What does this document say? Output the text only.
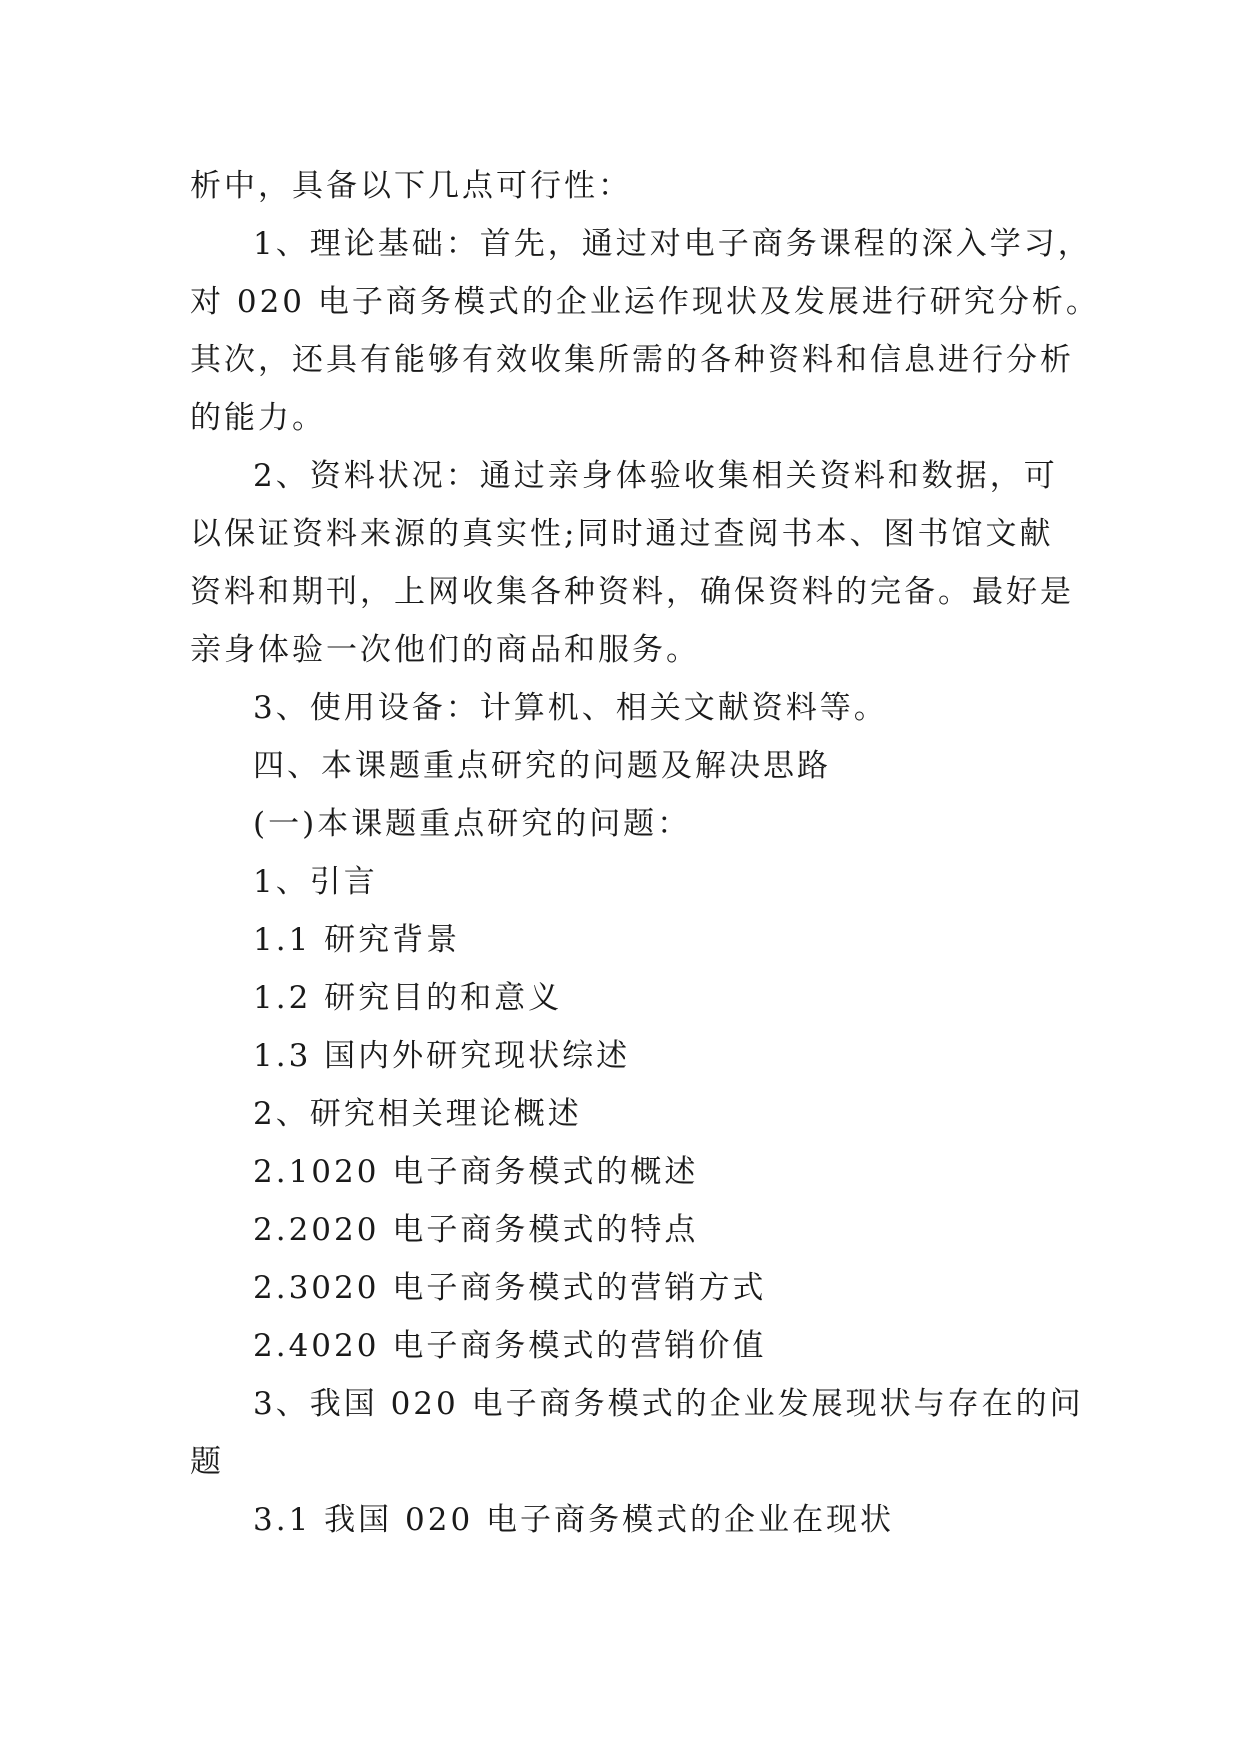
析中，具备以下几点可行性：
1、理论基础：首先，通过对电子商务课程的深入学习，
对 020 电子商务模式的企业运作现状及发展进行研究分析。
其次，还具有能够有效收集所需的各种资料和信息进行分析
的能力。
2、资料状况：通过亲身体验收集相关资料和数据，可
以保证资料来源的真实性;同时通过查阅书本、图书馆文献
资料和期刊，上网收集各种资料，确保资料的完备。最好是
亲身体验一次他们的商品和服务。
3、使用设备：计算机、相关文献资料等。
四、本课题重点研究的问题及解决思路
(一)本课题重点研究的问题：
1、引言
1.1 研究背景
1.2 研究目的和意义
1.3 国内外研究现状综述
2、研究相关理论概述
2.1020 电子商务模式的概述
2.2020 电子商务模式的特点
2.3020 电子商务模式的营销方式
2.4020 电子商务模式的营销价值
3、我国 020 电子商务模式的企业发展现状与存在的问
题
3.1 我国 020 电子商务模式的企业在现状
